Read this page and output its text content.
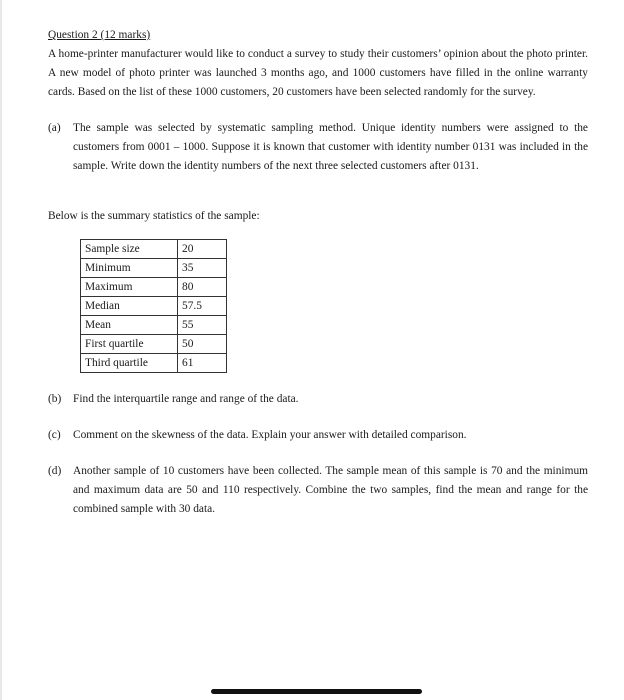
Question 2 (12 marks)

A home-printer manufacturer would like to conduct a survey to study their customers’ opinion about the photo printer. A new model of photo printer was launched 3 months ago, and 1000 customers have filled in the online warranty cards. Based on the list of these 1000 customers, 20 customers have been selected randomly for the survey.

(a)	The sample was selected by systematic sampling method. Unique identity numbers were assigned to the customers from 0001 – 1000. Suppose it is known that customer with identity number 0131 was included in the sample. Write down the identity numbers of the next three selected customers after 0131.
Below is the summary statistics of the sample:
Sample size	20
Minimum	35
Maximum	80
Median	57.5
Mean	55
First quartile	50
Third quartile	61
(b)	Find the interquartile range and range of the data.
(c)	Comment on the skewness of the data. Explain your answer with detailed comparison.
(d)	Another sample of 10 customers have been collected. The sample mean of this sample is 70 and the minimum and maximum data are 50 and 110 respectively. Combine the two samples, find the mean and range for the combined sample with 30 data.
